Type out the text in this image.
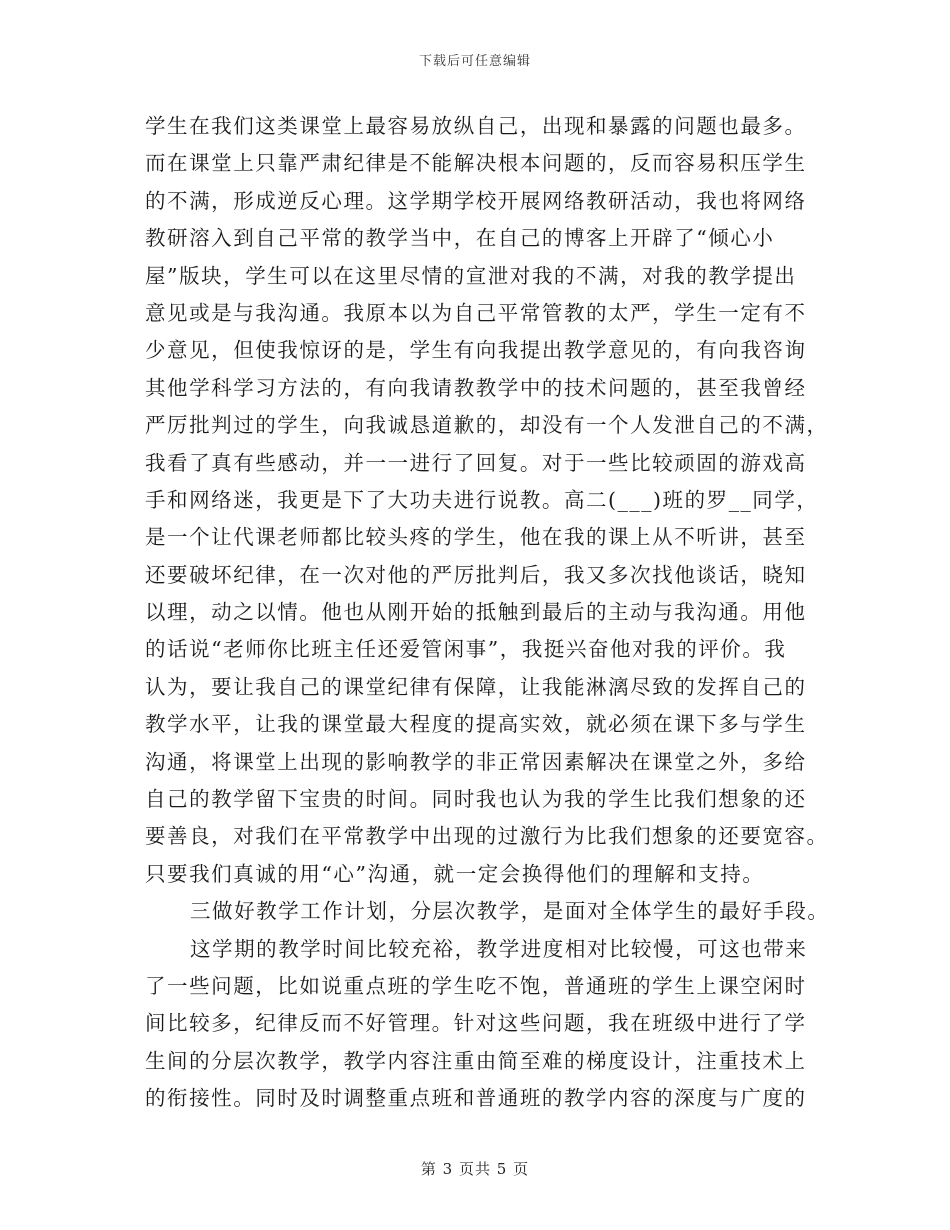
下载后可任意编辑
学生在我们这类课堂上最容易放纵自己，出现和暴露的问题也最多。
而在课堂上只靠严肃纪律是不能解决根本问题的，反而容易积压学生
的不满，形成逆反心理。这学期学校开展网络教研活动，我也将网络
教研溶入到自己平常的教学当中，在自己的博客上开辟了“倾心小
屋”版块，学生可以在这里尽情的宣泄对我的不满，对我的教学提出
意见或是与我沟通。我原本以为自己平常管教的太严，学生一定有不
少意见，但使我惊讶的是，学生有向我提出教学意见的，有向我咨询
其他学科学习方法的，有向我请教教学中的技术问题的，甚至我曾经
严厉批判过的学生，向我诚恳道歉的，却没有一个人发泄自己的不满，
我看了真有些感动，并一一进行了回复。对于一些比较顽固的游戏高
手和网络迷，我更是下了大功夫进行说教。高二(___)班的罗__同学，
是一个让代课老师都比较头疼的学生，他在我的课上从不听讲，甚至
还要破坏纪律，在一次对他的严厉批判后，我又多次找他谈话，晓知
以理，动之以情。他也从刚开始的抵触到最后的主动与我沟通。用他
的话说“老师你比班主任还爱管闲事”，我挺兴奋他对我的评价。我
认为，要让我自己的课堂纪律有保障，让我能淋漓尽致的发挥自己的
教学水平，让我的课堂最大程度的提高实效，就必须在课下多与学生
沟通，将课堂上出现的影响教学的非正常因素解决在课堂之外，多给
自己的教学留下宝贵的时间。同时我也认为我的学生比我们想象的还
要善良，对我们在平常教学中出现的过激行为比我们想象的还要宽容。
只要我们真诚的用“心”沟通，就一定会换得他们的理解和支持。
三做好教学工作计划，分层次教学，是面对全体学生的最好手段。
这学期的教学时间比较充裕，教学进度相对比较慢，可这也带来
了一些问题，比如说重点班的学生吃不饱，普通班的学生上课空闲时
间比较多，纪律反而不好管理。针对这些问题，我在班级中进行了学
生间的分层次教学，教学内容注重由简至难的梯度设计，注重技术上
的衔接性。同时及时调整重点班和普通班的教学内容的深度与广度的
第 3 页共 5 页
